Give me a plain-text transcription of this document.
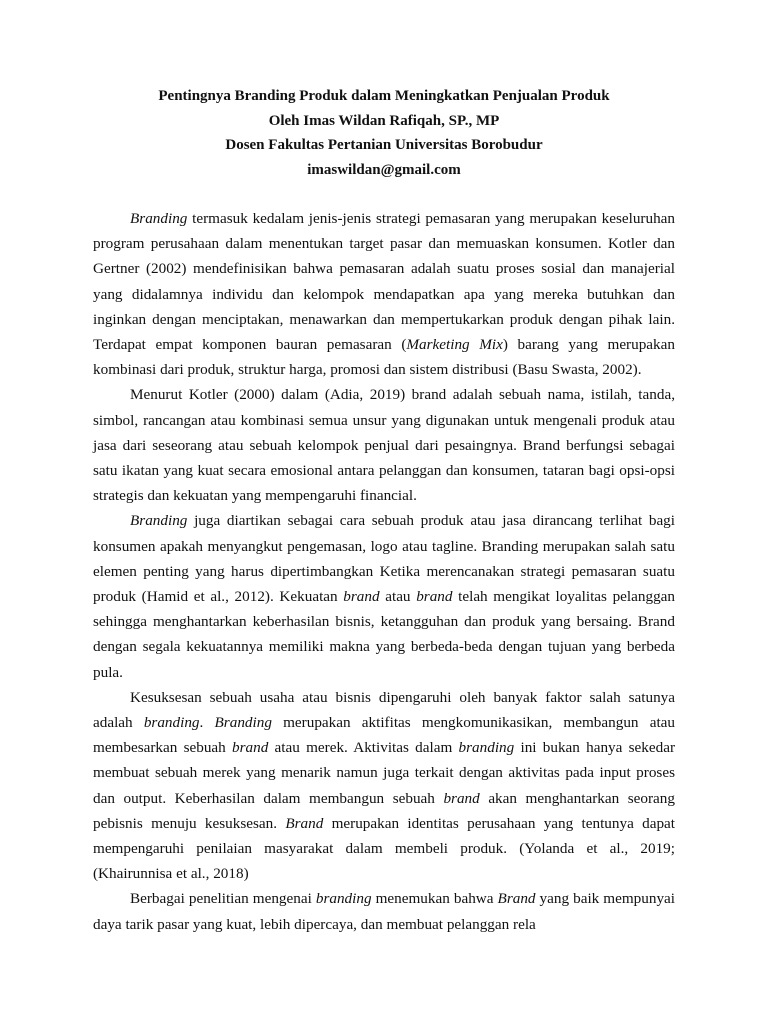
Pentingnya Branding Produk dalam Meningkatkan Penjualan Produk
Oleh Imas Wildan Rafiqah, SP., MP
Dosen Fakultas Pertanian Universitas Borobudur
imaswildan@gmail.com

Branding termasuk kedalam jenis-jenis strategi pemasaran yang merupakan keseluruhan program perusahaan dalam menentukan target pasar dan memuaskan konsumen. Kotler dan Gertner (2002) mendefinisikan bahwa pemasaran adalah suatu proses sosial dan manajerial yang didalamnya individu dan kelompok mendapatkan apa yang mereka butuhkan dan inginkan dengan menciptakan, menawarkan dan mempertukarkan produk dengan pihak lain. Terdapat empat komponen bauran pemasaran (Marketing Mix) barang yang merupakan kombinasi dari produk, struktur harga, promosi dan sistem distribusi (Basu Swasta, 2002).

Menurut Kotler (2000) dalam (Adia, 2019) brand adalah sebuah nama, istilah, tanda, simbol, rancangan atau kombinasi semua unsur yang digunakan untuk mengenali produk atau jasa dari seseorang atau sebuah kelompok penjual dari pesaingnya. Brand berfungsi sebagai satu ikatan yang kuat secara emosional antara pelanggan dan konsumen, tataran bagi opsi-opsi strategis dan kekuatan yang mempengaruhi financial.

Branding juga diartikan sebagai cara sebuah produk atau jasa dirancang terlihat bagi konsumen apakah menyangkut pengemasan, logo atau tagline. Branding merupakan salah satu elemen penting yang harus dipertimbangkan Ketika merencanakan strategi pemasaran suatu produk (Hamid et al., 2012). Kekuatan brand atau brand telah mengikat loyalitas pelanggan sehingga menghantarkan keberhasilan bisnis, ketangguhan dan produk yang bersaing. Brand dengan segala kekuatannya memiliki makna yang berbeda-beda dengan tujuan yang berbeda pula.

Kesuksesan sebuah usaha atau bisnis dipengaruhi oleh banyak faktor salah satunya adalah branding. Branding merupakan aktifitas mengkomunikasikan, membangun atau membesarkan sebuah brand atau merek. Aktivitas dalam branding ini bukan hanya sekedar membuat sebuah merek yang menarik namun juga terkait dengan aktivitas pada input proses dan output. Keberhasilan dalam membangun sebuah brand akan menghantarkan seorang pebisnis menuju kesuksesan. Brand merupakan identitas perusahaan yang tentunya dapat mempengaruhi penilaian masyarakat dalam membeli produk. (Yolanda et al., 2019; (Khairunnisa et al., 2018)

Berbagai penelitian mengenai branding menemukan bahwa Brand yang baik mempunyai daya tarik pasar yang kuat, lebih dipercaya, dan membuat pelanggan rela
